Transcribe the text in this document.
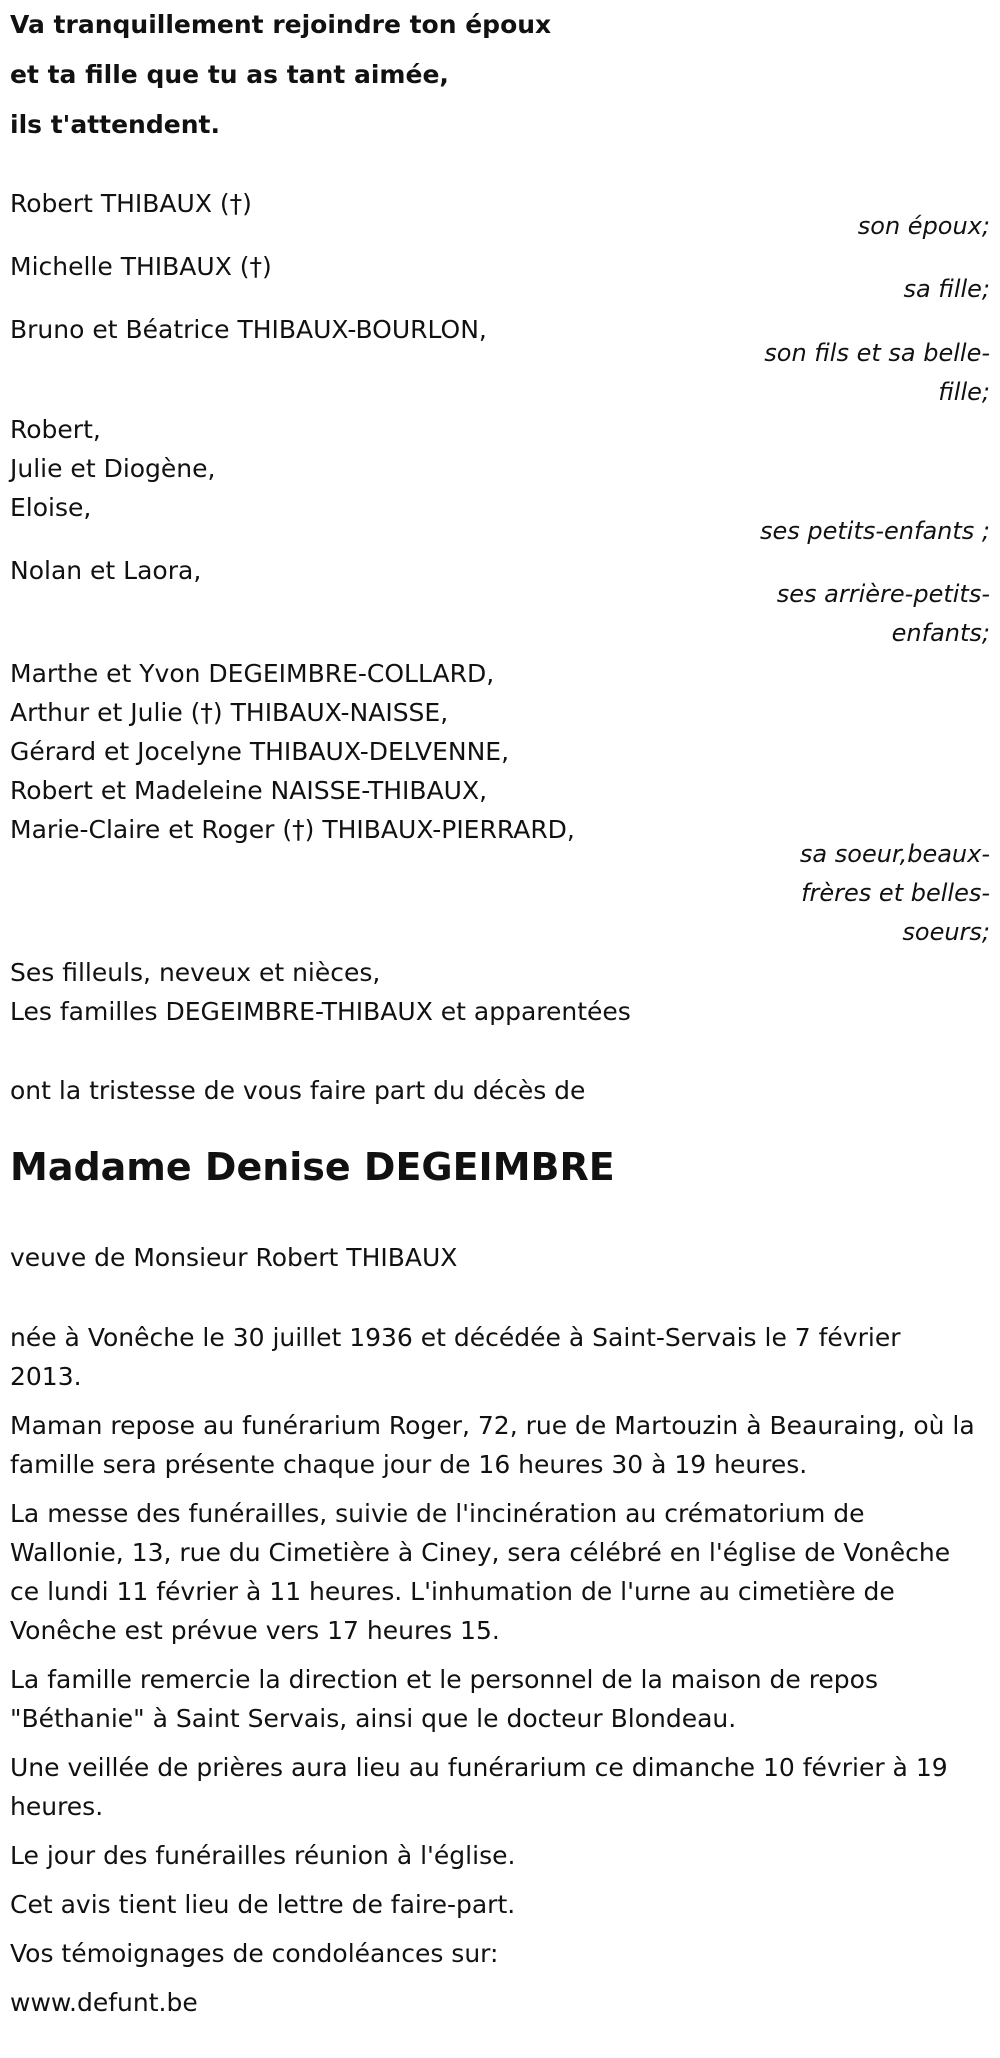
Va tranquillement rejoindre ton époux
et ta fille que tu as tant aimée,
ils t'attendent.
Robert THIBAUX (†)
son époux;
Michelle THIBAUX (†)
sa fille;
Bruno et Béatrice THIBAUX-BOURLON,
son fils et sa belle-
fille;
Robert,
Julie et Diogène,
Eloise,
ses petits-enfants ;
Nolan et Laora,
ses arrière-petits-
enfants;
Marthe et Yvon DEGEIMBRE-COLLARD,
Arthur et Julie (†) THIBAUX-NAISSE,
Gérard et Jocelyne THIBAUX-DELVENNE,
Robert et Madeleine NAISSE-THIBAUX,
Marie-Claire et Roger (†) THIBAUX-PIERRARD,
sa soeur,beaux-
frères et belles-
soeurs;
Ses filleuls, neveux et nièces,
Les familles DEGEIMBRE-THIBAUX et apparentées
ont la tristesse de vous faire part du décès de
Madame Denise DEGEIMBRE
veuve de Monsieur Robert THIBAUX
née à Vonêche le 30 juillet 1936 et décédée à Saint-Servais le 7 février 2013.
Maman repose au funérarium Roger, 72, rue de Martouzin à Beauraing, où la famille sera présente chaque jour de 16 heures 30 à 19 heures.
La messe des funérailles, suivie de l'incinération au crématorium de Wallonie, 13, rue du Cimetière à Ciney, sera célébré en l'église de Vonêche ce lundi 11 février à 11 heures. L'inhumation de l'urne au cimetière de Vonêche est prévue vers 17 heures 15.
La famille remercie la direction et le personnel de la maison de repos "Béthanie" à Saint Servais, ainsi que le docteur Blondeau.
Une veillée de prières aura lieu au funérarium ce dimanche 10 février à 19 heures.
Le jour des funérailles réunion à l'église.
Cet avis tient lieu de lettre de faire-part.
Vos témoignages de condoléances sur:
www.defunt.be
